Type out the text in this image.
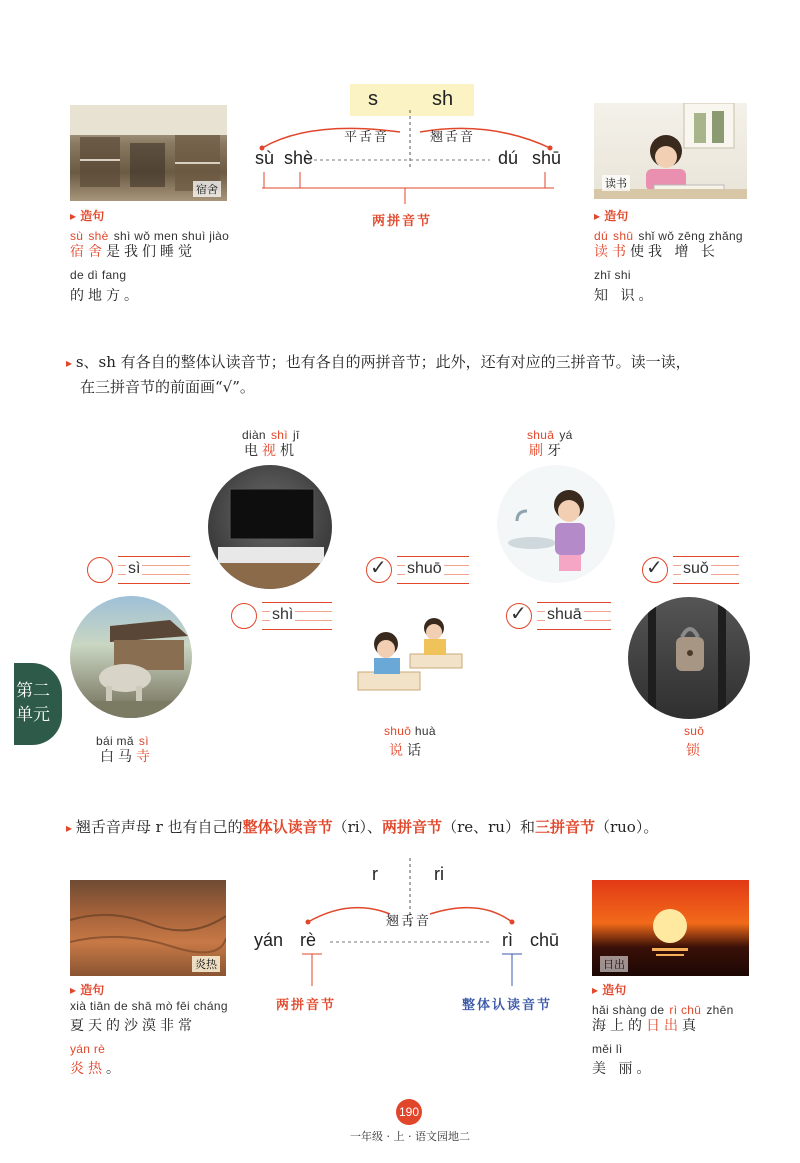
s	sh
平舌音	翘舌音
sù shè	dú shū
两拼音节
宿舍	读书
▸ 造句
sù shè shì wǒ men shuì jiào
宿舍是我们睡觉
de dì fang
的地方。
▸ 造句
dú shū shǐ wǒ zēng zhǎng
读书使我 增 长
zhī shi
知 识。
▸ s、sh 有各自的整体认读音节；也有各自的两拼音节；此外，还有对应的三拼音节。读一读，
在三拼音节的前面画“√”。
diàn shì jī
电视机
shuā yá
刷牙
sì
shì
✓ shuō
✓ shuā
✓ suǒ
bái mǎ sì
白马寺
shuō huà
说话
suǒ
锁
第二
单元
▸ 翘舌音声母 r 也有自己的整体认读音节（ri）、两拼音节（re、ru）和三拼音节（ruo）。
r	ri
翘舌音
yán rè	rì chū
两拼音节	整体认读音节
炎热	日出
▸ 造句
xià tiān de shā mò fēi cháng
夏天的沙漠非常
yán rè
炎热。
▸ 造句
hǎi shàng de rì chū zhēn
海上的日出真
měi lì
美 丽。
190
一年级 · 上 · 语文园地二
